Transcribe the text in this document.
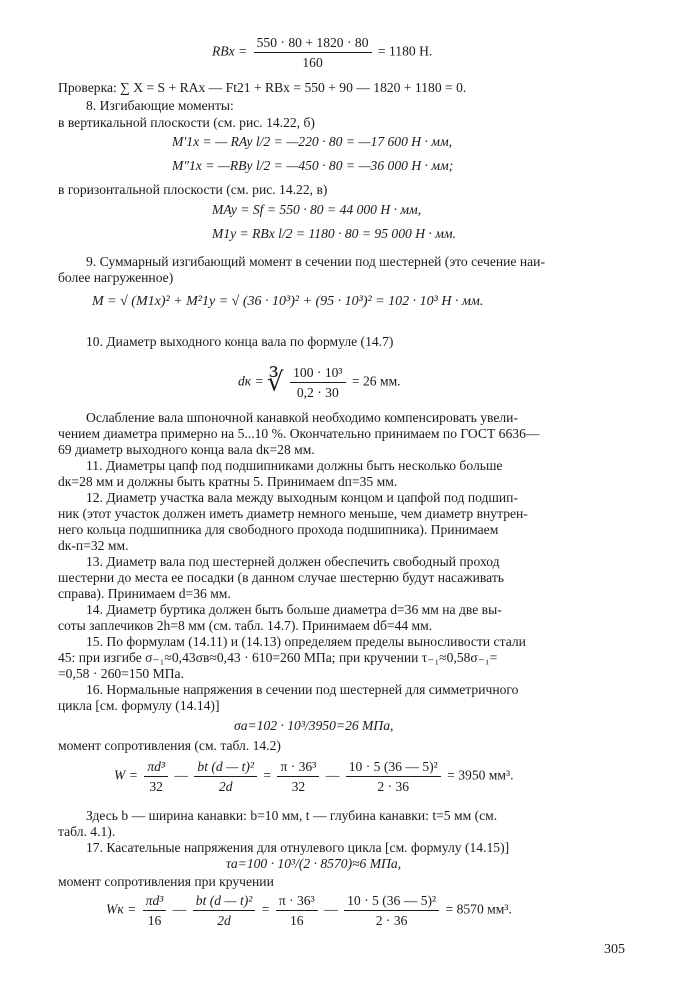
RBx = $\frac{550 \cdot 80 + 1820 \cdot 80}{160} = 1180$ Н.
Проверка: ∑ X = S + RAx — Ft21 + RBx = 550 + 90 — 1820 + 1180 = 0.
8. Изгибающие моменты:
в вертикальной плоскости (см. рис. 14.22, б)
M′1x = — RAy l/2 = —220 · 80 = —17 600 Н · мм,
M″1x = —RBy l/2 = —450 · 80 = —36 000 Н · мм;
в горизонтальной плоскости (см. рис. 14.22, в)
MAy = Sf = 550 · 80 = 44 000 Н · мм,
M1y = RBx l/2 = 1180 · 80 = 95 000 Н · мм.
9. Суммарный изгибающий момент в сечении под шестерней (это сечение наи-
более нагруженное)
M = √ (M1x)² + M²1y = √ (36 · 10³)² + (95 · 10³)² = 102 · 10³ Н · мм.
10. Диаметр выходного конца вала по формуле (14.7)
dк = ∛ $\frac{\text{100 · 10³}}{0,2 \cdot 30} = 26$ мм.
Ослабление вала шпоночной канавкой необходимо компенсировать увели-
чением диаметра примерно на 5...10 %. Окончательно принимаем по ГОСТ 6636—
69 диаметр выходного конца вала dк=28 мм.
11. Диаметры цапф под подшипниками должны быть несколько больше
dк=28 мм и должны быть кратны 5. Принимаем dп=35 мм.
12. Диаметр участка вала между выходным концом и цапфой под подшип-
ник (этот участок должен иметь диаметр немного меньше, чем диаметр внутрен-
него кольца подшипника для свободного прохода подшипника). Принимаем
dк-п=32 мм.
13. Диаметр вала под шестерней должен обеспечить свободный проход
шестерни до места ее посадки (в данном случае шестерню будут насаживать
справа). Принимаем d=36 мм.
14. Диаметр буртика должен быть больше диаметра d=36 мм на две вы-
соты заплечиков 2h=8 мм (см. табл. 14.7). Принимаем dб=44 мм.
15. По формулам (14.11) и (14.13) определяем пределы выносливости стали
45: при изгибе σ₋₁≈0,43σв≈0,43 · 610=260 МПа; при кручении τ₋₁≈0,58σ₋₁=
=0,58 · 260=150 МПа.
16. Нормальные напряжения в сечении под шестерней для симметричного
цикла [см. формулу (14.14)]
σa=102 · 10³/3950=26 МПа,
момент сопротивления (см. табл. 14.2)
$W = \frac{\text{πd³}}{32}$ — $\frac{\text{bt (d — t)²}}{2d} = \frac{\text{π · 36³}}{32}$ — $\frac{\text{10 · 5 (36 — 5)²}}{2 \cdot 36} = 3950$ мм³.
Здесь b — ширина канавки: b=10 мм, t — глубина канавки: t=5 мм (см.
табл. 4.1).
17. Касательные напряжения для отнулевого цикла [см. формулу (14.15)]
τa=100 · 10³/(2 · 8570)≈6 МПа,
момент сопротивления при кручении
Wк = $\frac{\text{πd³}}{16}$ — $\frac{\text{bt (d — t)²}}{2d} = \frac{\text{π · 36³}}{16}$ — $\frac{\text{10 · 5 (36 — 5)²}}{2 \cdot 36} = 8570$ мм³.
305
